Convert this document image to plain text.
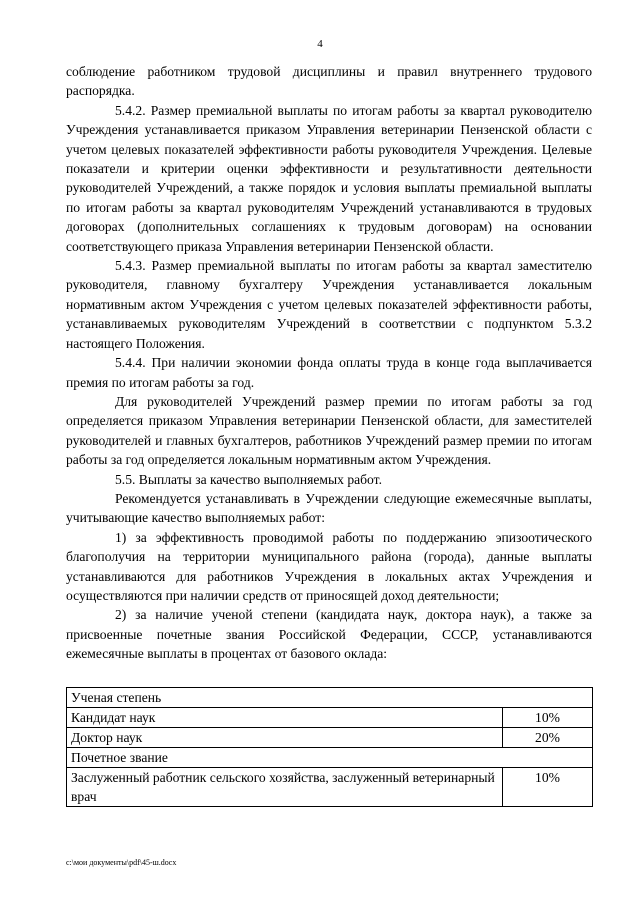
4

соблюдение работником трудовой дисциплины и правил внутреннего трудового распорядка.

5.4.2. Размер премиальной выплаты по итогам работы за квартал руководителю Учреждения устанавливается приказом Управления ветеринарии Пензенской области с учетом целевых показателей эффективности работы руководителя Учреждения. Целевые показатели и критерии оценки эффективности и результативности деятельности руководителей Учреждений, а также порядок и условия выплаты премиальной выплаты по итогам работы за квартал руководителям Учреждений устанавливаются в трудовых договорах (дополнительных соглашениях к трудовым договорам) на основании соответствующего приказа Управления ветеринарии Пензенской области.

5.4.3. Размер премиальной выплаты по итогам работы за квартал заместителю руководителя, главному бухгалтеру Учреждения устанавливается локальным нормативным актом Учреждения с учетом целевых показателей эффективности работы, устанавливаемых руководителям Учреждений в соответствии с подпунктом 5.3.2 настоящего Положения.

5.4.4. При наличии экономии фонда оплаты труда в конце года выплачивается премия по итогам работы за год.

Для руководителей Учреждений размер премии по итогам работы за год определяется приказом Управления ветеринарии Пензенской области, для заместителей руководителей и главных бухгалтеров, работников Учреждений размер премии по итогам работы за год определяется локальным нормативным актом Учреждения.

5.5. Выплаты за качество выполняемых работ.

Рекомендуется устанавливать в Учреждении следующие ежемесячные выплаты, учитывающие качество выполняемых работ:

1) за эффективность проводимой работы по поддержанию эпизоотического благополучия на территории муниципального района (города), данные выплаты устанавливаются для работников Учреждения в локальных актах Учреждения и осуществляются при наличии средств от приносящей доход деятельности;

2) за наличие ученой степени (кандидата наук, доктора наук), а также за присвоенные почетные звания Российской Федерации, СССР, устанавливаются ежемесячные выплаты в процентах от базового оклада:

Ученая степень	
Кандидат наук	10%
Доктор наук	20%
Почетное звание	
Заслуженный работник сельского хозяйства, заслуженный ветеринарный врач	10%
c:\мои документы\pdf\45-ш.docx
